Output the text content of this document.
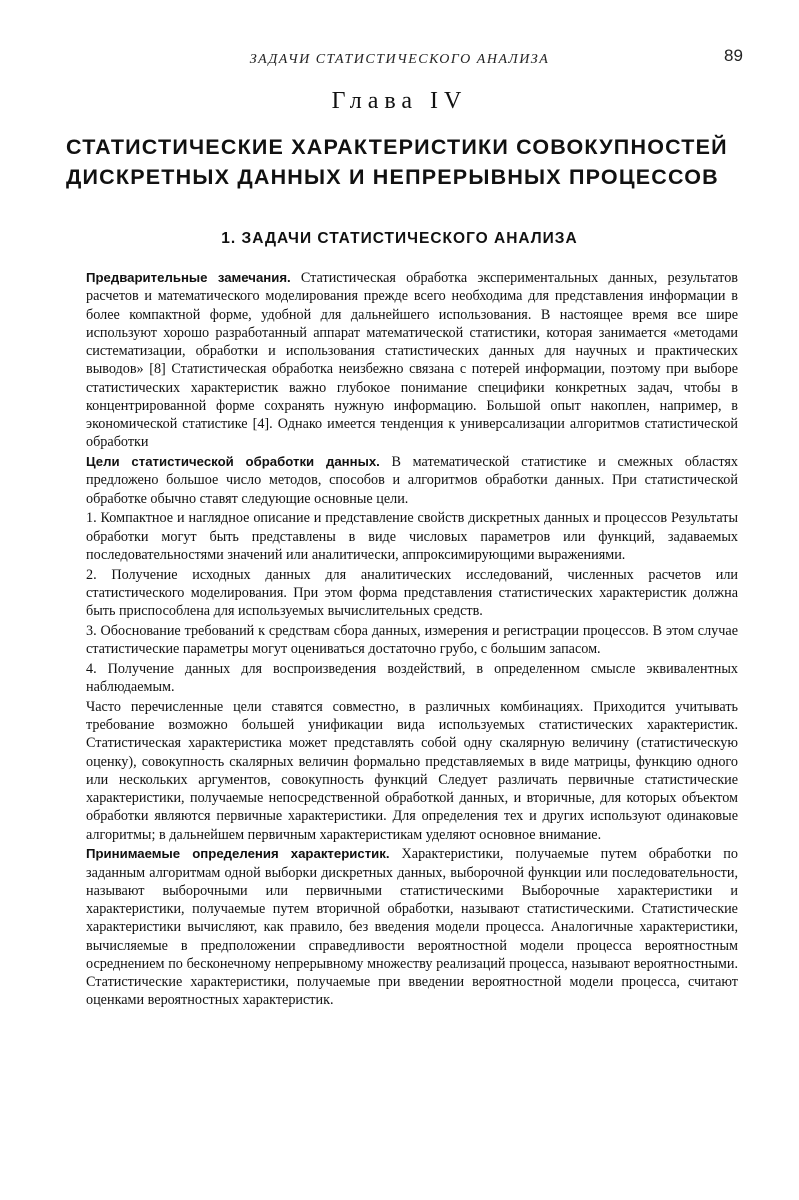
ЗАДАЧИ СТАТИСТИЧЕСКОГО АНАЛИЗА	89
Глава IV
СТАТИСТИЧЕСКИЕ ХАРАКТЕРИСТИКИ СОВОКУПНОСТЕЙ
ДИСКРЕТНЫХ ДАННЫХ И НЕПРЕРЫВНЫХ ПРОЦЕССОВ
1. ЗАДАЧИ СТАТИСТИЧЕСКОГО АНАЛИЗА

Предварительные замечания. Статистическая обработка экспериментальных данных, результатов расчетов и математического моделирования прежде всего необходима для представления информации в более компактной форме, удобной для дальнейшего использования. В настоящее время все шире используют хорошо разработанный аппарат математической статистики, которая занимается «методами систематизации, обработки и использования статистических данных для научных и практических выводов» [8] Статистическая обработка неизбежно связана с потерей информации, поэтому при выборе статистических характеристик важно глубокое понимание специфики конкретных задач, чтобы в концентрированной форме сохранять нужную информацию. Большой опыт накоплен, например, в экономической статистике [4]. Однако имеется тенденция к универсализации алгоритмов статистической обработки

Цели статистической обработки данных. В математической статистике и смежных областях предложено большое число методов, способов и алгоритмов обработки данных. При статистической обработке обычно ставят следующие основные цели.

1. Компактное и наглядное описание и представление свойств дискретных данных и процессов Результаты обработки могут быть представлены в виде числовых параметров или функций, задаваемых последовательностями значений или аналитически, аппроксимирующими выражениями.

2. Получение исходных данных для аналитических исследований, численных расчетов или статистического моделирования. При этом форма представления статистических характеристик должна быть приспособлена для используемых вычислительных средств.

3. Обоснование требований к средствам сбора данных, измерения и регистрации процессов. В этом случае статистические параметры могут оцениваться достаточно грубо, с большим запасом.

4. Получение данных для воспроизведения воздействий, в определенном смысле эквивалентных наблюдаемым.

Часто перечисленные цели ставятся совместно, в различных комбинациях. Приходится учитывать требование возможно большей унификации вида используемых статистических характеристик. Статистическая характеристика может представлять собой одну скалярную величину (статистическую оценку), совокупность скалярных величин формально представляемых в виде матрицы, функцию одного или нескольких аргументов, совокупность функций Следует различать первичные статистические характеристики, получаемые непосредственной обработкой данных, и вторичные, для которых объектом обработки являются первичные характеристики. Для определения тех и других используют одинаковые алгоритмы; в дальнейшем первичным характеристикам уделяют основное внимание.

Принимаемые определения характеристик. Характеристики, получаемые путем обработки по заданным алгоритмам одной выборки дискретных данных, выборочной функции или последовательности, называют выборочными или первичными статистическими Выборочные характеристики и характеристики, получаемые путем вторичной обработки, называют статистическими. Статистические характеристики вычисляют, как правило, без введения модели процесса. Аналогичные характеристики, вычисляемые в предположении справедливости вероятностной модели процесса вероятностным осреднением по бесконечному непрерывному множеству реализаций процесса, называют вероятностными. Статистические характеристики, получаемые при введении вероятностной модели процесса, считают оценками вероятностных характеристик.
